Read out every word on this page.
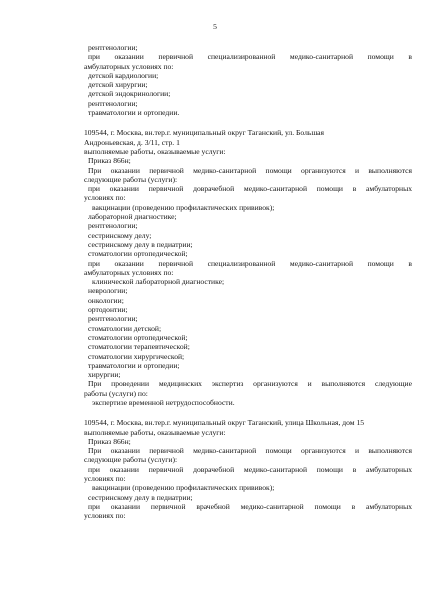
5
рентгенологии;
при оказании первичной специализированной медико-санитарной помощи в
амбулаторных условиях по:
детской кардиологии;
детской хирургии;
детской эндокринологии;
рентгенологии;
травматологии и ортопедии.
109544, г. Москва, вн.тер.г. муниципальный округ Таганский, ул. Большая
Андроньевская, д. 3/11, стр. 1
выполняемые работы, оказываемые услуги:
Приказ 866н;
При оказании первичной медико-санитарной помощи организуются и выполняются
следующие работы (услуги):
при оказании первичной доврачебной медико-санитарной помощи в амбулаторных
условиях по:
вакцинации (проведению профилактических прививок);
лабораторной диагностике;
рентгенологии;
сестринскому делу;
сестринскому делу в педиатрии;
стоматологии ортопедической;
при оказании первичной специализированной медико-санитарной помощи в
амбулаторных условиях по:
клинической лабораторной диагностике;
неврологии;
онкологии;
ортодонтии;
рентгенологии;
стоматологии детской;
стоматологии ортопедической;
стоматологии терапевтической;
стоматологии хирургической;
травматологии и ортопедии;
хирургии;
При проведении медицинских экспертиз организуются и выполняются следующие
работы (услуги) по:
экспертизе временной нетрудоспособности.
109544, г. Москва, вн.тер.г. муниципальный округ Таганский, улица Школьная, дом 15
выполняемые работы, оказываемые услуги:
Приказ 866н;
При оказании первичной медико-санитарной помощи организуются и выполняются
следующие работы (услуги):
при оказании первичной доврачебной медико-санитарной помощи в амбулаторных
условиях по:
вакцинации (проведению профилактических прививок);
сестринскому делу в педиатрии;
при оказании первичной врачебной медико-санитарной помощи в амбулаторных
условиях по:
